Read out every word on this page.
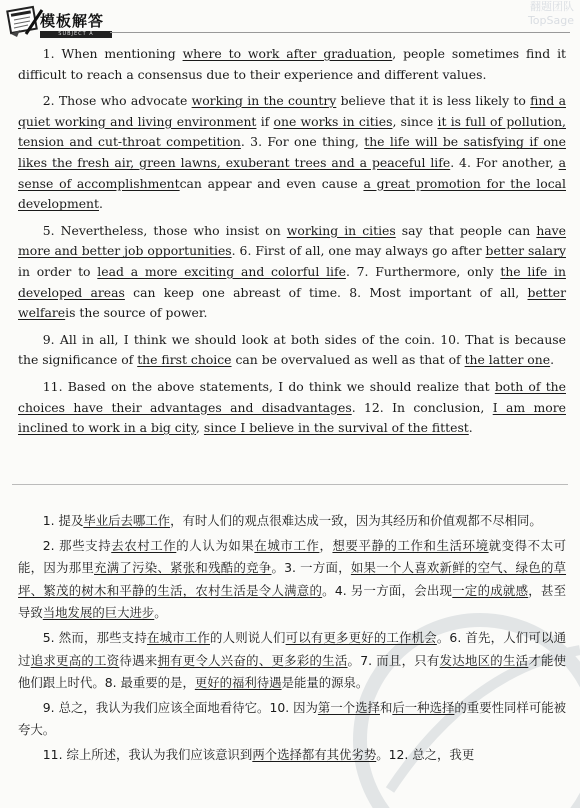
翻题团队
TopSage
模板解答
SUBJECT A

1. When mentioning where to work after graduation, people sometimes find it difficult to reach a consensus due to their experience and different values.

2. Those who advocate working in the country believe that it is less likely to find a quiet working and living environment if one works in cities, since it is full of pollution, tension and cut-throat competition. 3. For one thing, the life will be satisfying if one likes the fresh air, green lawns, exuberant trees and a peaceful life. 4. For another, a sense of accomplishmentcan appear and even cause a great promotion for the local development.

5. Nevertheless, those who insist on working in cities say that people can have more and better job opportunities. 6. First of all, one may always go after better salary in order to lead a more exciting and colorful life. 7. Furthermore, only the life in developed areas can keep one abreast of time. 8. Most important of all, better welfareis the source of power.

9. All in all, I think we should look at both sides of the coin. 10. That is because the significance of the first choice can be overvalued as well as that of the latter one.

11. Based on the above statements, I do think we should realize that both of the choices have their advantages and disadvantages. 12. In conclusion, I am more inclined to work in a big city, since I believe in the survival of the fittest.

1. 提及毕业后去哪工作，有时人们的观点很难达成一致，因为其经历和价值观都不尽相同。

2. 那些支持去农村工作的人认为如果在城市工作，想要平静的工作和生活环境就变得不太可能，因为那里充满了污染、紧张和残酷的竞争。3. 一方面，如果一个人喜欢新鲜的空气、绿色的草坪、繁茂的树木和平静的生活，农村生活是令人满意的。4. 另一方面，会出现一定的成就感，甚至导致当地发展的巨大进步。

5. 然而，那些支持在城市工作的人则说人们可以有更多更好的工作机会。6. 首先，人们可以通过追求更高的工资待遇来拥有更令人兴奋的、更多彩的生活。7. 而且，只有发达地区的生活才能使他们跟上时代。8. 最重要的是，更好的福利待遇是能量的源泉。

9. 总之，我认为我们应该全面地看待它。10. 因为第一个选择和后一种选择的重要性同样可能被夸大。

11. 综上所述，我认为我们应该意识到两个选择都有其优劣势。12. 总之，我更
